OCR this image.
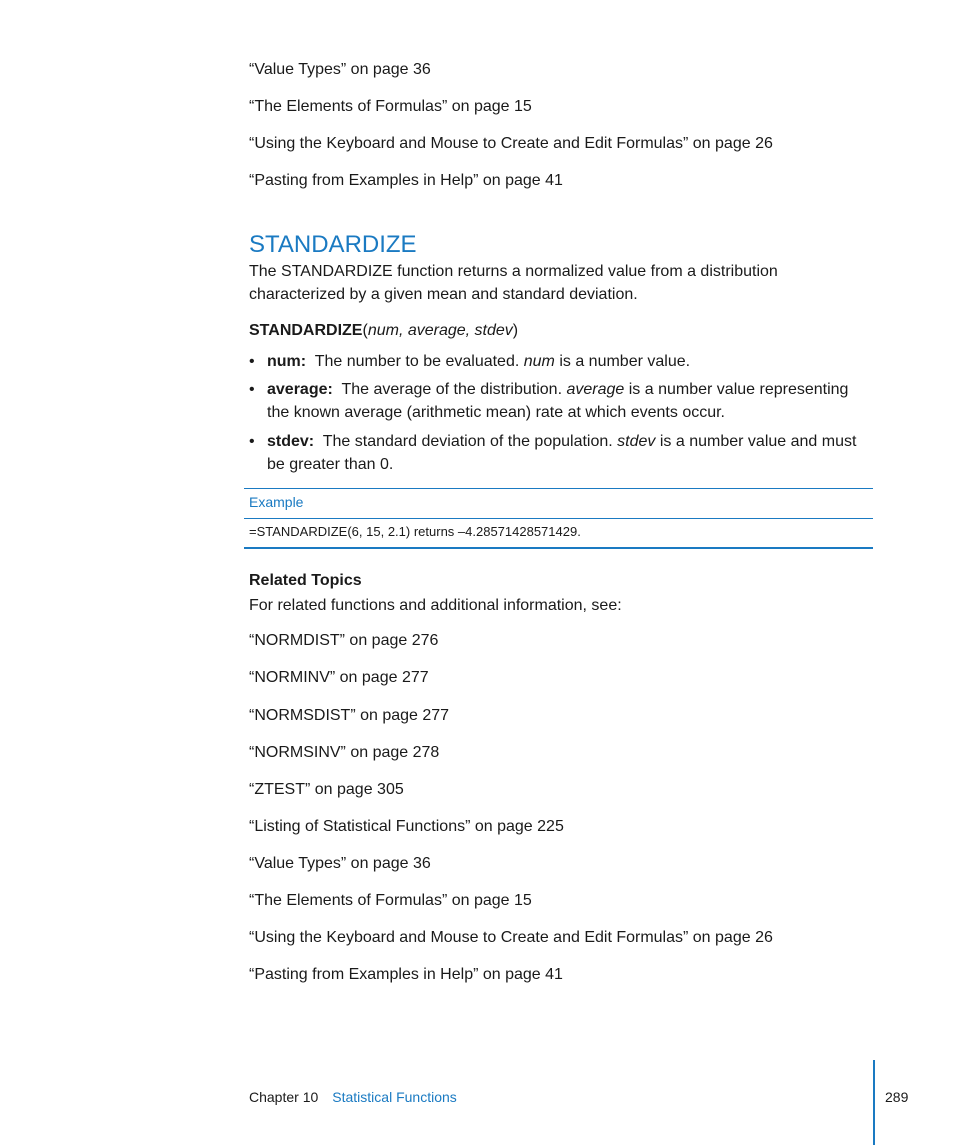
“Value Types” on page 36
“The Elements of Formulas” on page 15
“Using the Keyboard and Mouse to Create and Edit Formulas” on page 26
“Pasting from Examples in Help” on page 41
STANDARDIZE
The STANDARDIZE function returns a normalized value from a distribution characterized by a given mean and standard deviation.
STANDARDIZE(num, average, stdev)
• num: The number to be evaluated. num is a number value.
• average: The average of the distribution. average is a number value representing the known average (arithmetic mean) rate at which events occur.
• stdev: The standard deviation of the population. stdev is a number value and must be greater than 0.
Example
=STANDARDIZE(6, 15, 2.1) returns –4.28571428571429.
Related Topics
For related functions and additional information, see:
“NORMDIST” on page 276
“NORMINV” on page 277
“NORMSDIST” on page 277
“NORMSINV” on page 278
“ZTEST” on page 305
“Listing of Statistical Functions” on page 225
“Value Types” on page 36
“The Elements of Formulas” on page 15
“Using the Keyboard and Mouse to Create and Edit Formulas” on page 26
“Pasting from Examples in Help” on page 41
Chapter 10 Statistical Functions	289
